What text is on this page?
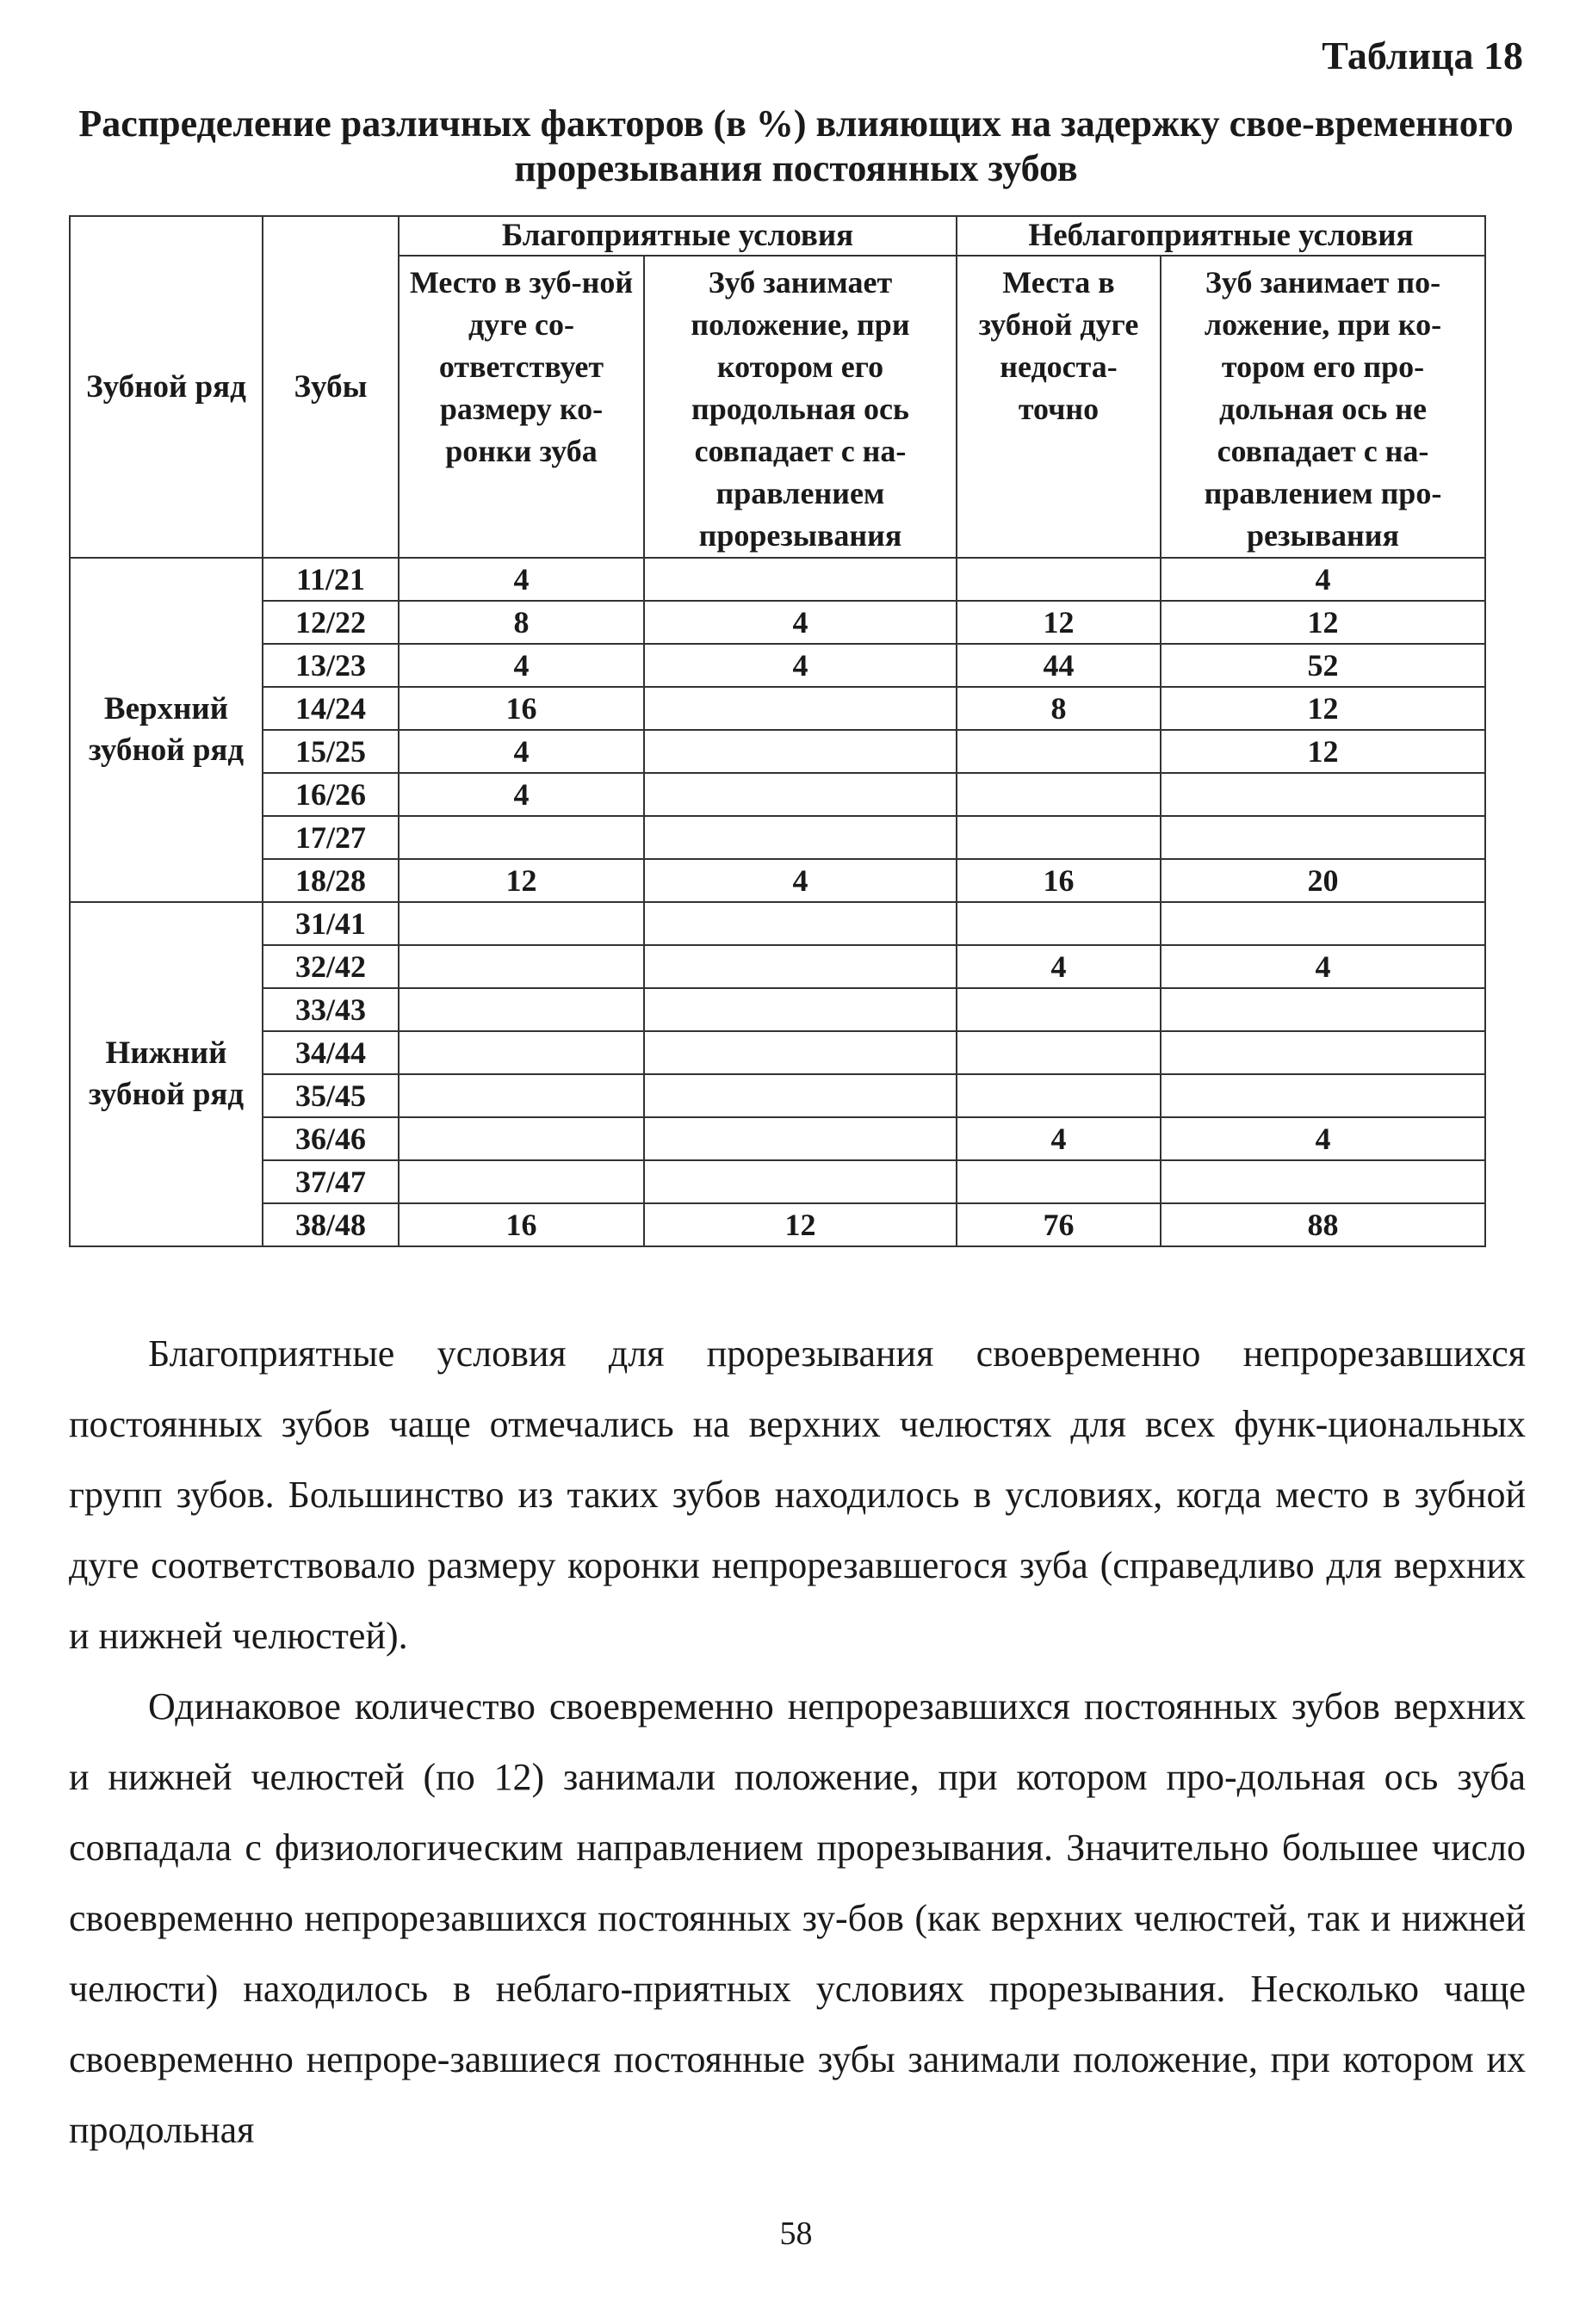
Таблица 18
Распределение различных факторов (в %) влияющих на задержку свое-временного прорезывания постоянных зубов
Зубной ряд	Зубы	Благоприятные условия		Неблагоприятные условия	
		Место в зуб-ной дуге со-ответствует размеру ко-ронки зуба	Зуб занимает положение, при котором его продольная ось совпадает с на-правлением прорезывания	Места в зубной дуге недоста-точно	Зуб занимает по-ложение, при ко-тором его про-дольная ось не совпадает с на-правлением про-резывания
Верхний зубной ряд	11/21	4			4
	12/22	8	4	12	12
	13/23	4	4	44	52
	14/24	16		8	12
	15/25	4			12
	16/26	4			
	17/27				
	18/28	12	4	16	20
Нижний зубной ряд	31/41				
	32/42			4	4
	33/43				
	34/44				
	35/45				
	36/46			4	4
	37/47				
	38/48	16	12	76	88

Благоприятные условия для прорезывания своевременно непрорезавшихся постоянных зубов чаще отмечались на верхних челюстях для всех функ-циональных групп зубов. Большинство из таких зубов находилось в условиях, когда место в зубной дуге соответствовало размеру коронки непрорезавшегося зуба (справедливо для верхних и нижней челюстей).

Одинаковое количество своевременно непрорезавшихся постоянных зубов верхних и нижней челюстей (по 12) занимали положение, при котором про-дольная ось зуба совпадала с физиологическим направлением прорезывания. Значительно большее число своевременно непрорезавшихся постоянных зу-бов (как верхних челюстей, так и нижней челюсти) находилось в неблаго-приятных условиях прорезывания. Несколько чаще своевременно непроре-завшиеся постоянные зубы занимали положение, при котором их продольная

58
